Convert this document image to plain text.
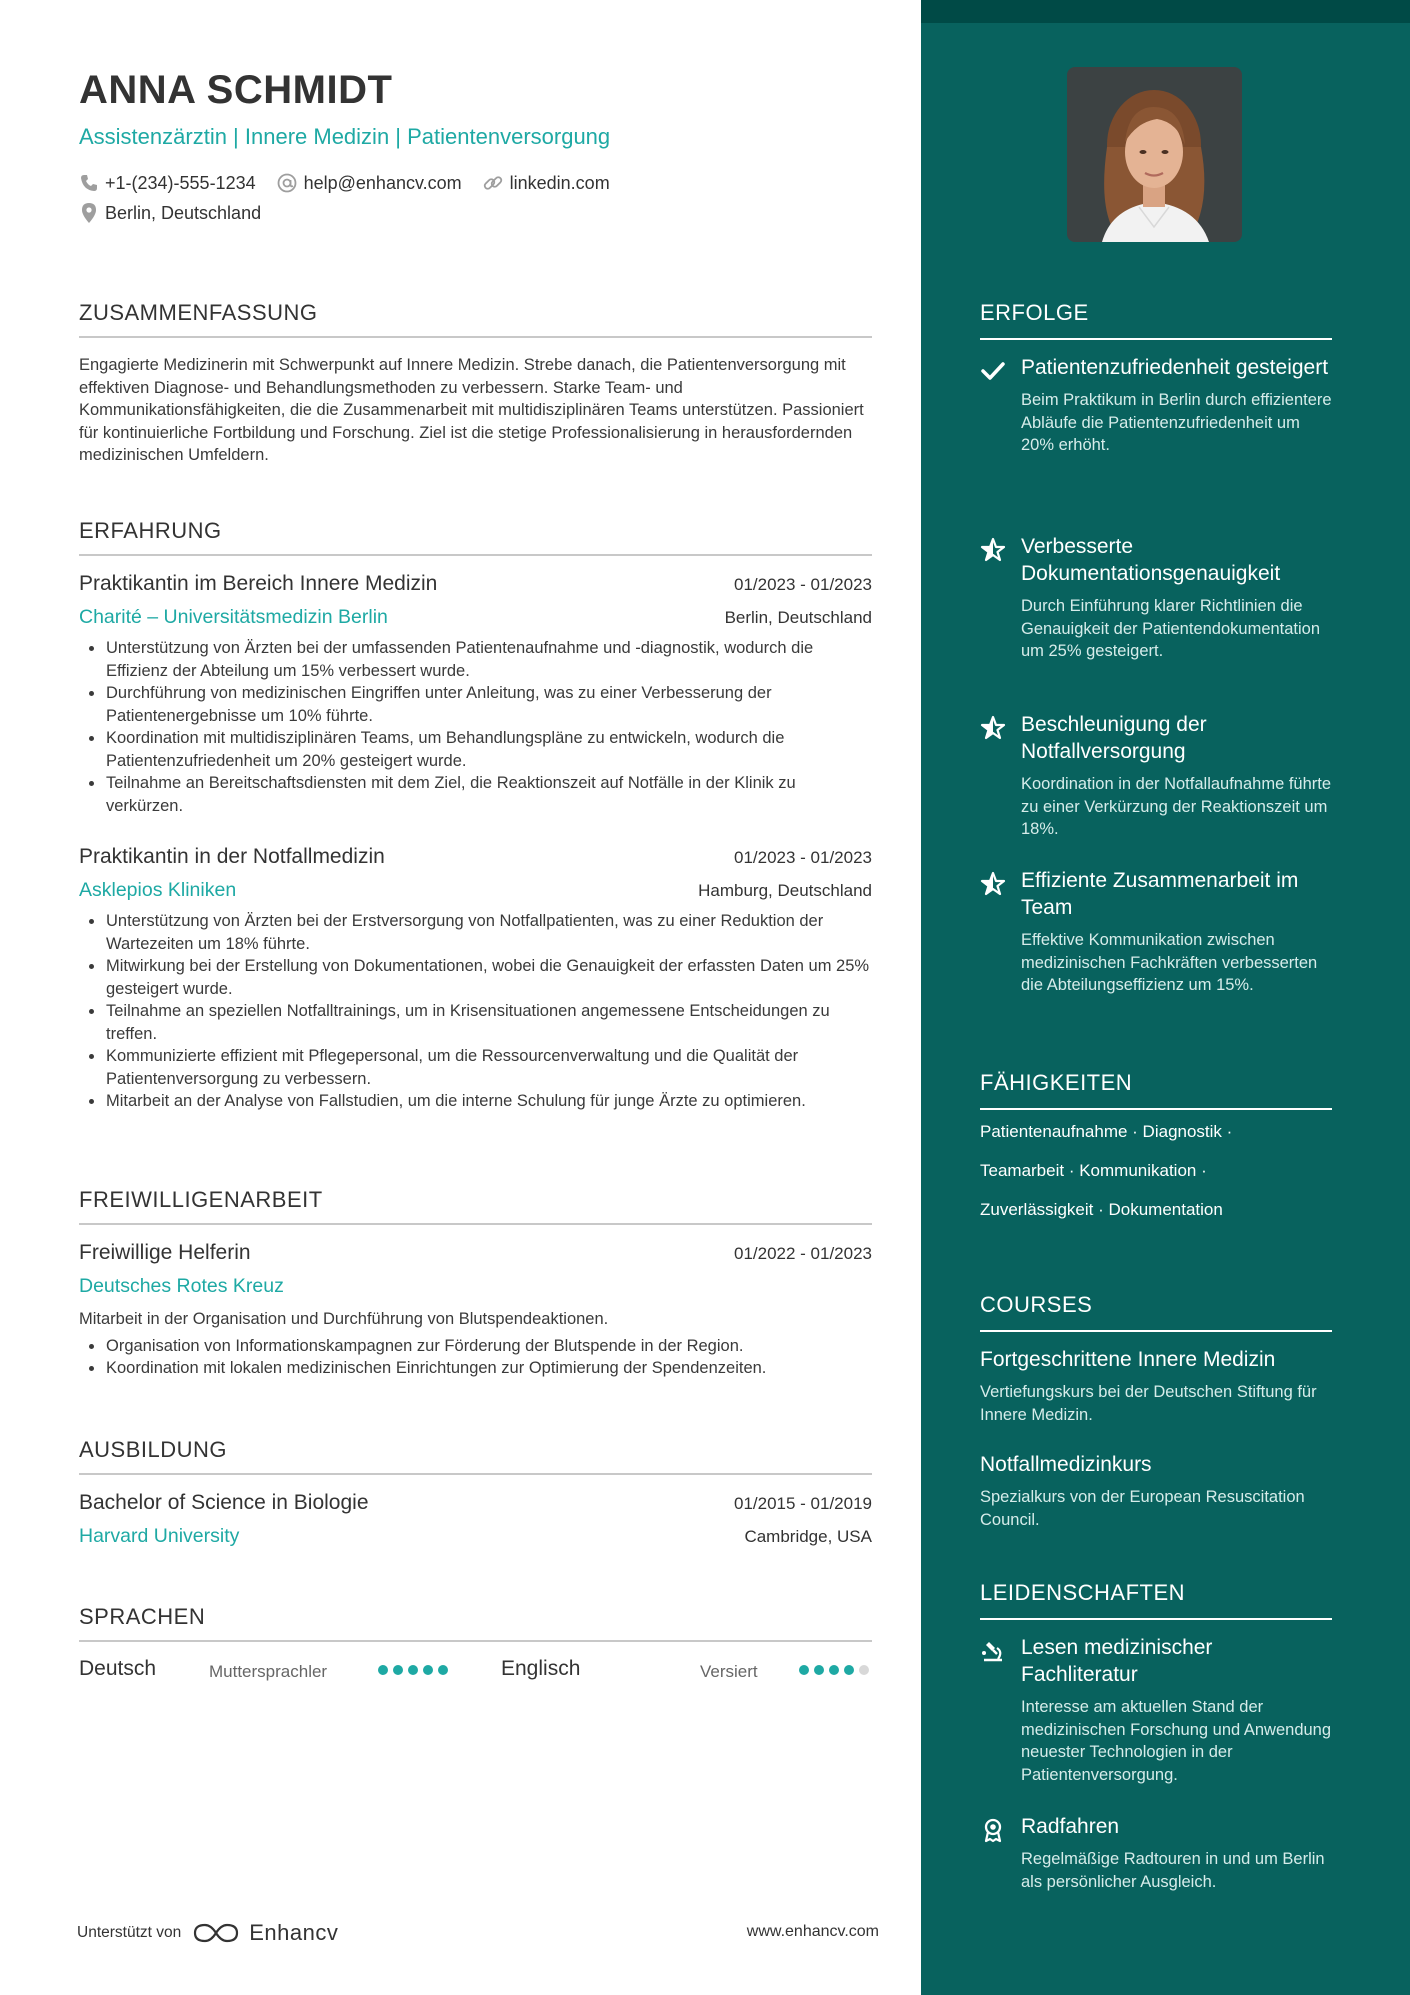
ANNA SCHMIDT
Assistenzärztin | Innere Medizin | Patientenversorgung
+1-(234)-555-1234	help@enhancv.com	linkedin.com
Berlin, Deutschland
ZUSAMMENFASSUNG
Engagierte Medizinerin mit Schwerpunkt auf Innere Medizin. Strebe danach, die Patientenversorgung mit effektiven Diagnose- und Behandlungsmethoden zu verbessern. Starke Team- und Kommunikationsfähigkeiten, die die Zusammenarbeit mit multidisziplinären Teams unterstützen. Passioniert für kontinuierliche Fortbildung und Forschung. Ziel ist die stetige Professionalisierung in herausfordernden medizinischen Umfeldern.
ERFAHRUNG
Praktikantin im Bereich Innere Medizin	01/2023 - 01/2023
Charité – Universitätsmedizin Berlin	Berlin, Deutschland
Unterstützung von Ärzten bei der umfassenden Patientenaufnahme und -diagnostik, wodurch die Effizienz der Abteilung um 15% verbessert wurde.
Durchführung von medizinischen Eingriffen unter Anleitung, was zu einer Verbesserung der Patientenergebnisse um 10% führte.
Koordination mit multidisziplinären Teams, um Behandlungspläne zu entwickeln, wodurch die Patientenzufriedenheit um 20% gesteigert wurde.
Teilnahme an Bereitschaftsdiensten mit dem Ziel, die Reaktionszeit auf Notfälle in der Klinik zu verkürzen.
Praktikantin in der Notfallmedizin	01/2023 - 01/2023
Asklepios Kliniken	Hamburg, Deutschland
Unterstützung von Ärzten bei der Erstversorgung von Notfallpatienten, was zu einer Reduktion der Wartezeiten um 18% führte.
Mitwirkung bei der Erstellung von Dokumentationen, wobei die Genauigkeit der erfassten Daten um 25% gesteigert wurde.
Teilnahme an speziellen Notfalltrainings, um in Krisensituationen angemessene Entscheidungen zu treffen.
Kommunizierte effizient mit Pflegepersonal, um die Ressourcenverwaltung und die Qualität der Patientenversorgung zu verbessern.
Mitarbeit an der Analyse von Fallstudien, um die interne Schulung für junge Ärzte zu optimieren.
FREIWILLIGENARBEIT
Freiwillige Helferin	01/2022 - 01/2023
Deutsches Rotes Kreuz
Mitarbeit in der Organisation und Durchführung von Blutspendeaktionen.
Organisation von Informationskampagnen zur Förderung der Blutspende in der Region.
Koordination mit lokalen medizinischen Einrichtungen zur Optimierung der Spendenzeiten.
AUSBILDUNG
Bachelor of Science in Biologie	01/2015 - 01/2019
Harvard University	Cambridge, USA
SPRACHEN
Deutsch	Muttersprachler	Englisch	Versiert
Unterstützt von	Enhancv	www.enhancv.com
ERFOLGE
Patientenzufriedenheit gesteigert
Beim Praktikum in Berlin durch effizientere Abläufe die Patientenzufriedenheit um 20% erhöht.
Verbesserte Dokumentationsgenauigkeit
Durch Einführung klarer Richtlinien die Genauigkeit der Patientendokumentation um 25% gesteigert.
Beschleunigung der Notfallversorgung
Koordination in der Notfallaufnahme führte zu einer Verkürzung der Reaktionszeit um 18%.
Effiziente Zusammenarbeit im Team
Effektive Kommunikation zwischen medizinischen Fachkräften verbesserten die Abteilungseffizienz um 15%.
FÄHIGKEITEN
Patientenaufnahme · Diagnostik ·
Teamarbeit · Kommunikation ·
Zuverlässigkeit · Dokumentation
COURSES
Fortgeschrittene Innere Medizin
Vertiefungskurs bei der Deutschen Stiftung für Innere Medizin.
Notfallmedizinkurs
Spezialkurs von der European Resuscitation Council.
LEIDENSCHAFTEN
Lesen medizinischer Fachliteratur
Interesse am aktuellen Stand der medizinischen Forschung und Anwendung neuester Technologien in der Patientenversorgung.
Radfahren
Regelmäßige Radtouren in und um Berlin als persönlicher Ausgleich.
